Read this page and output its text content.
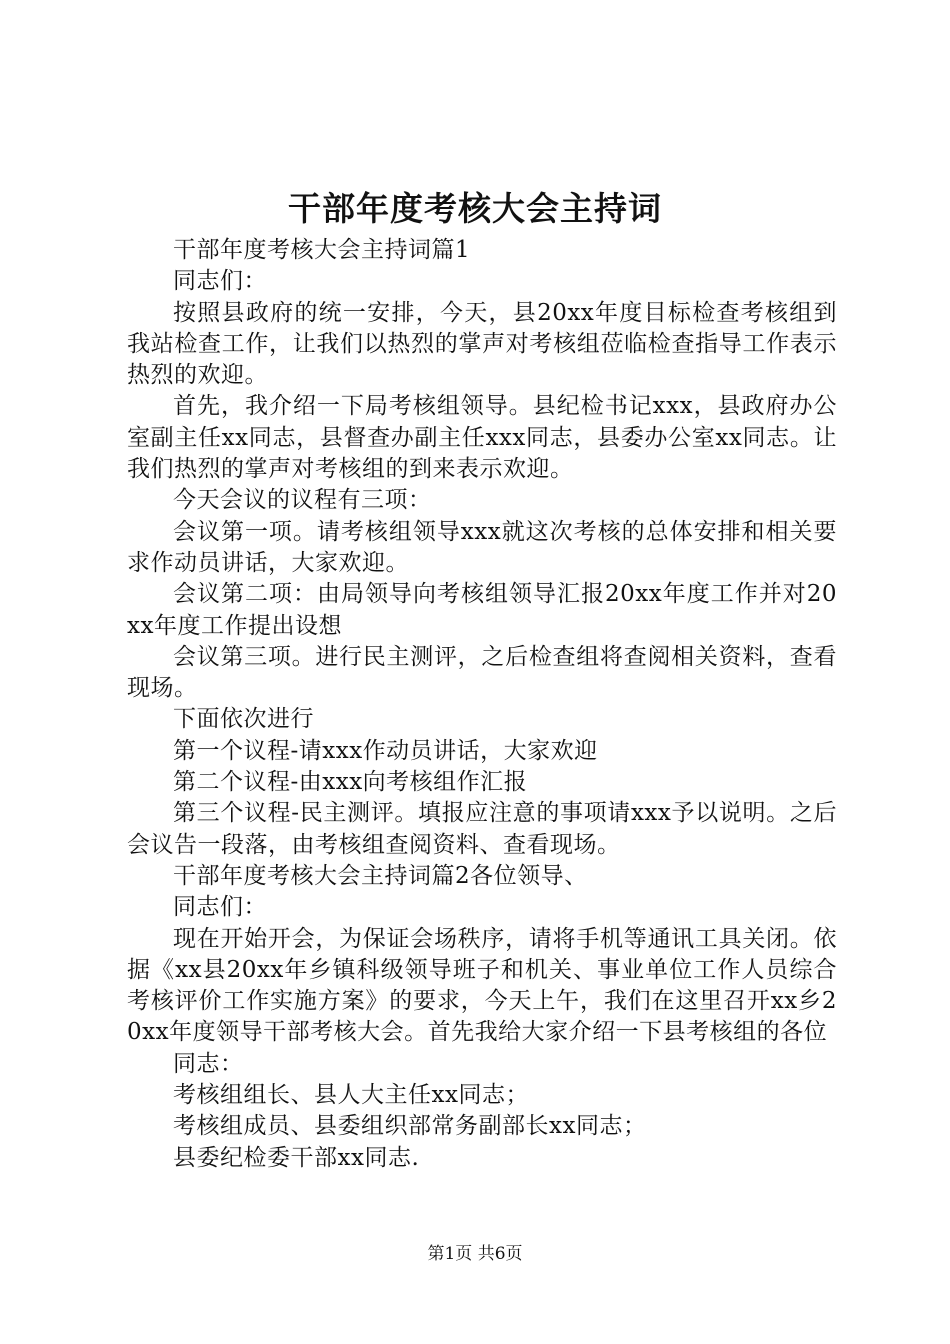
干部年度考核大会主持词

干部年度考核大会主持词篇1

同志们：

按照县政府的统一安排，今天，县20xx年度目标检查考核组到我站检查工作，让我们以热烈的掌声对考核组莅临检查指导工作表示热烈的欢迎。

首先，我介绍一下局考核组领导。县纪检书记xxx，县政府办公室副主任xx同志，县督查办副主任xxx同志，县委办公室xx同志。让我们热烈的掌声对考核组的到来表示欢迎。

今天会议的议程有三项：

会议第一项。请考核组领导xxx就这次考核的总体安排和相关要求作动员讲话，大家欢迎。

会议第二项：由局领导向考核组领导汇报20xx年度工作并对20xx年度工作提出设想

会议第三项。进行民主测评，之后检查组将查阅相关资料，查看现场。

下面依次进行

第一个议程-请xxx作动员讲话，大家欢迎

第二个议程-由xxx向考核组作汇报

第三个议程-民主测评。填报应注意的事项请xxx予以说明。之后会议告一段落，由考核组查阅资料、查看现场。

干部年度考核大会主持词篇2各位领导、

同志们：

现在开始开会，为保证会场秩序，请将手机等通讯工具关闭。依据《xx县20xx年乡镇科级领导班子和机关、事业单位工作人员综合考核评价工作实施方案》的要求，今天上午，我们在这里召开xx乡20xx年度领导干部考核大会。首先我给大家介绍一下县考核组的各位

同志：

考核组组长、县人大主任xx同志；

考核组成员、县委组织部常务副部长xx同志；

县委纪检委干部xx同志.

第1页 共6页
